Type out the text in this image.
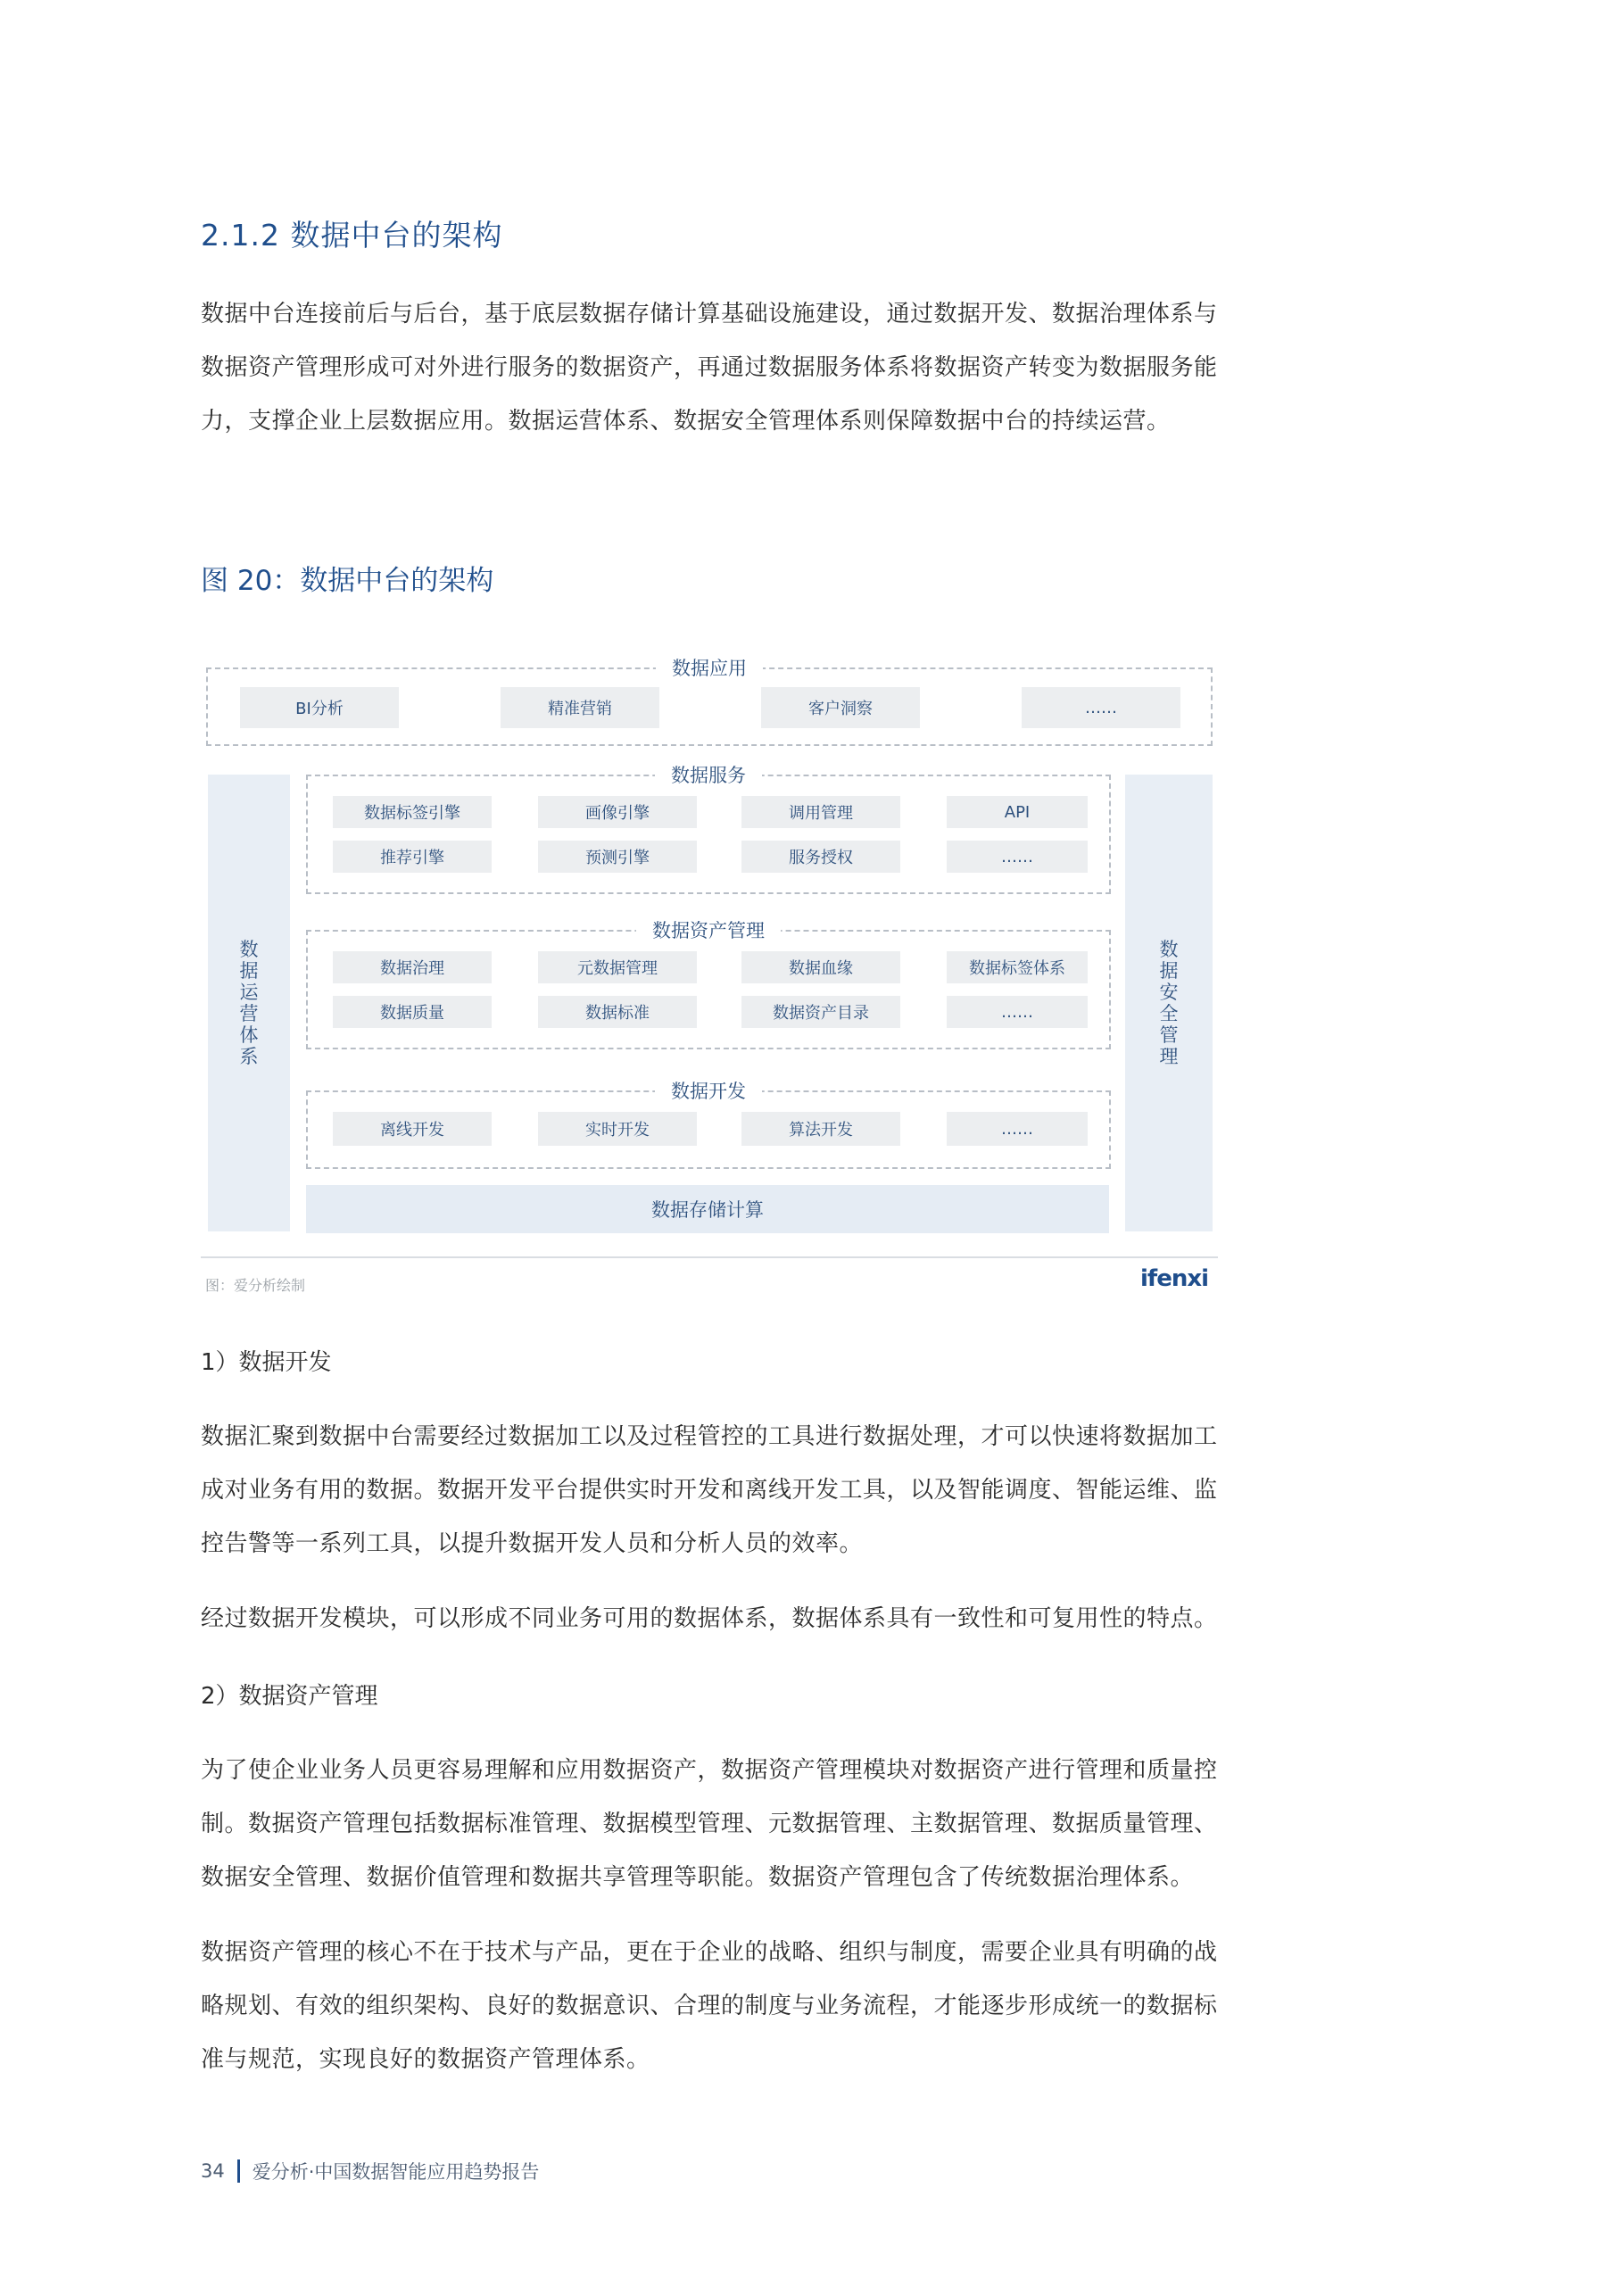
2.1.2 数据中台的架构

数据中台连接前后与后台，基于底层数据存储计算基础设施建设，通过数据开发、数据治理体系与数据资产管理形成可对外进行服务的数据资产，再通过数据服务体系将数据资产转变为数据服务能力，支撑企业上层数据应用。数据运营体系、数据安全管理体系则保障数据中台的持续运营。

图 20：数据中台的架构
数据应用
BI分析	精准营销	客户洞察	……
数据运营体系
数据安全管理
数据服务
数据标签引擎	画像引擎	调用管理	API
推荐引擎	预测引擎	服务授权	……
数据资产管理
数据治理	元数据管理	数据血缘	数据标签体系
数据质量	数据标准	数据资产目录	……
数据开发
离线开发	实时开发	算法开发	……
数据存储计算
图：爱分析绘制	ifenxi
1）数据开发

数据汇聚到数据中台需要经过数据加工以及过程管控的工具进行数据处理，才可以快速将数据加工成对业务有用的数据。数据开发平台提供实时开发和离线开发工具，以及智能调度、智能运维、监控告警等一系列工具，以提升数据开发人员和分析人员的效率。

经过数据开发模块，可以形成不同业务可用的数据体系，数据体系具有一致性和可复用性的特点。

2）数据资产管理

为了使企业业务人员更容易理解和应用数据资产，数据资产管理模块对数据资产进行管理和质量控制。数据资产管理包括数据标准管理、数据模型管理、元数据管理、主数据管理、数据质量管理、数据安全管理、数据价值管理和数据共享管理等职能。数据资产管理包含了传统数据治理体系。

数据资产管理的核心不在于技术与产品，更在于企业的战略、组织与制度，需要企业具有明确的战略规划、有效的组织架构、良好的数据意识、合理的制度与业务流程，才能逐步形成统一的数据标准与规范，实现良好的数据资产管理体系。

34 爱分析·中国数据智能应用趋势报告
